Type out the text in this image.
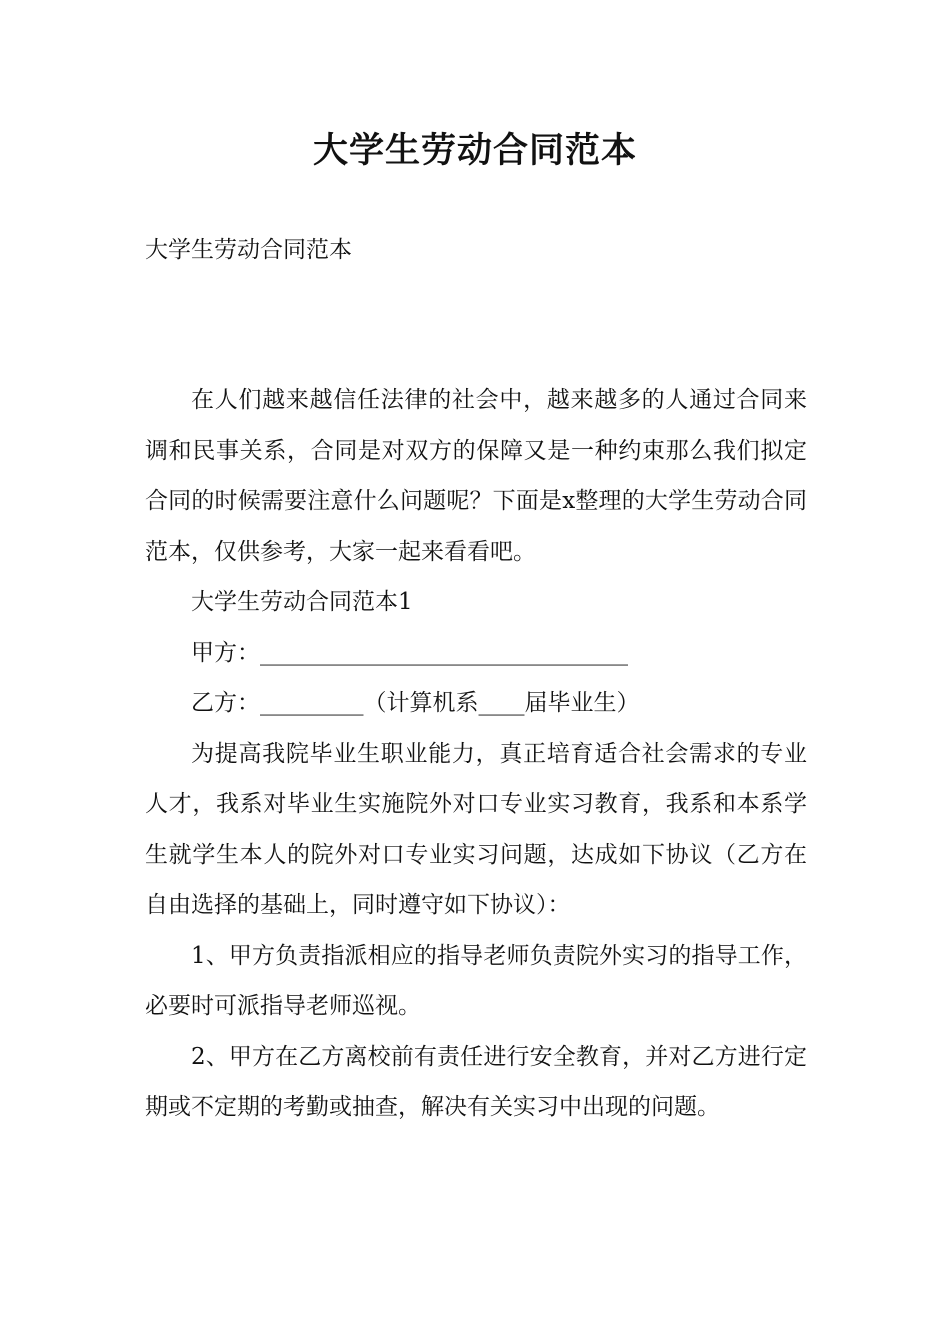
大学生劳动合同范本
大学生劳动合同范本

在人们越来越信任法律的社会中，越来越多的人通过合同来调和民事关系，合同是对双方的保障又是一种约束那么我们拟定合同的时候需要注意什么问题呢？下面是x整理的大学生劳动合同范本，仅供参考，大家一起来看看吧。

大学生劳动合同范本1

甲方：________________________________

乙方：_________（计算机系____届毕业生）

为提高我院毕业生职业能力，真正培育适合社会需求的专业人才，我系对毕业生实施院外对口专业实习教育，我系和本系学生就学生本人的院外对口专业实习问题，达成如下协议（乙方在自由选择的基础上，同时遵守如下协议）：

1、甲方负责指派相应的指导老师负责院外实习的指导工作，必要时可派指导老师巡视。

2、甲方在乙方离校前有责任进行安全教育，并对乙方进行定期或不定期的考勤或抽查，解决有关实习中出现的问题。
